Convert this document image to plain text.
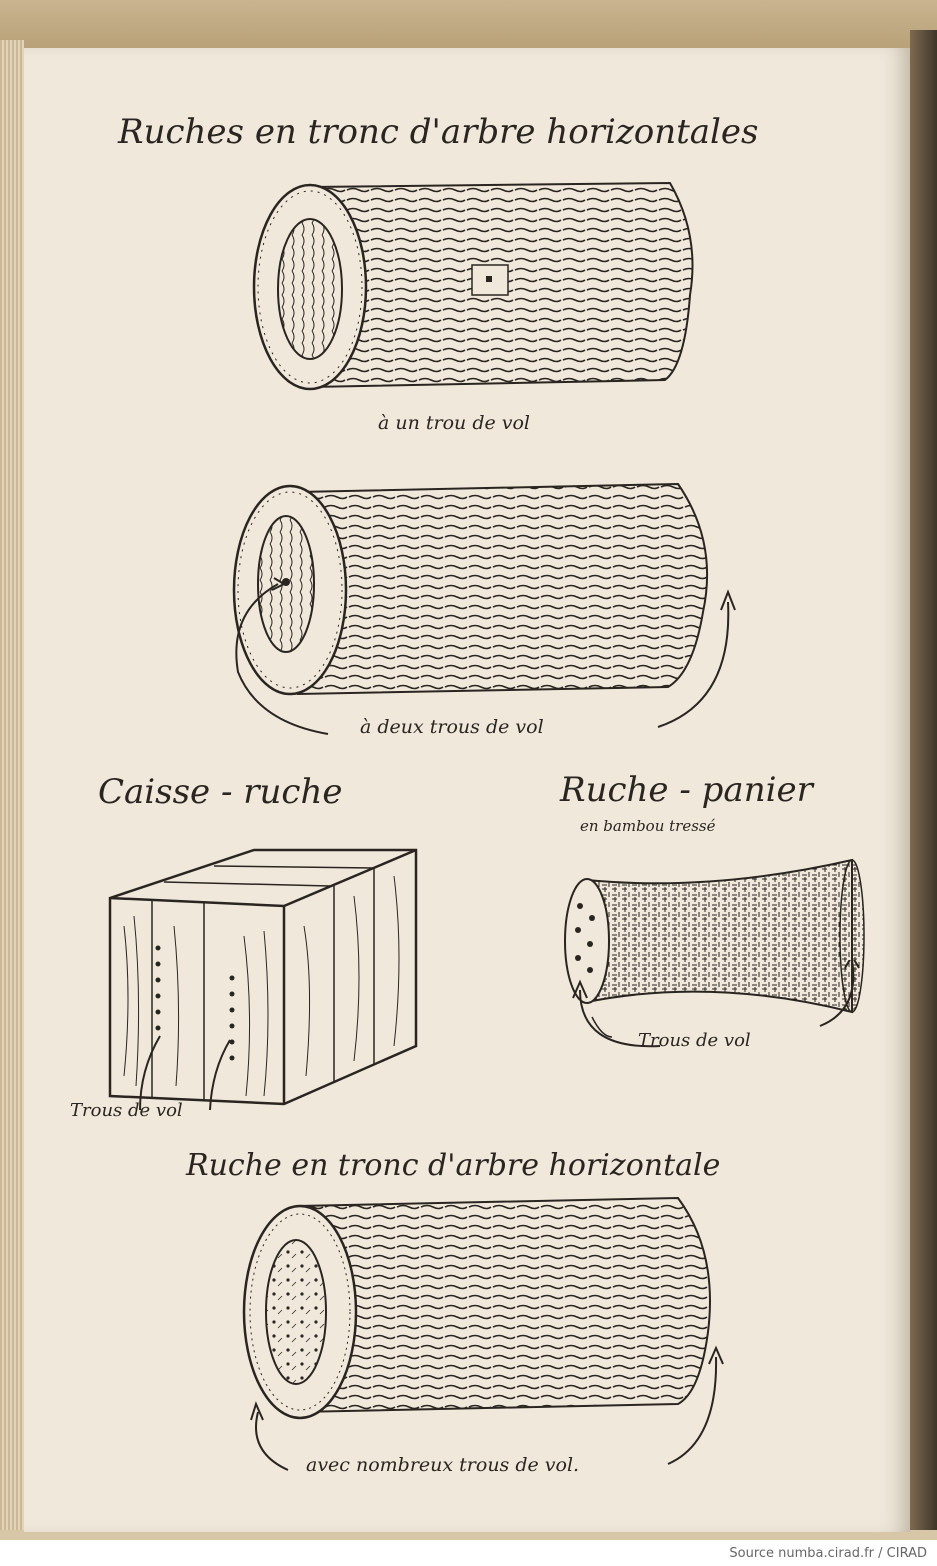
Ruches en tronc d'arbre horizontales

à un trou de vol

à deux trous de vol

Caisse - ruche	Ruche - panier

en bambou tressé

Trous de vol

Trous de vol

Ruche en tronc d'arbre horizontale

avec nombreux trous de vol.

Source numba.cirad.fr / CIRAD
